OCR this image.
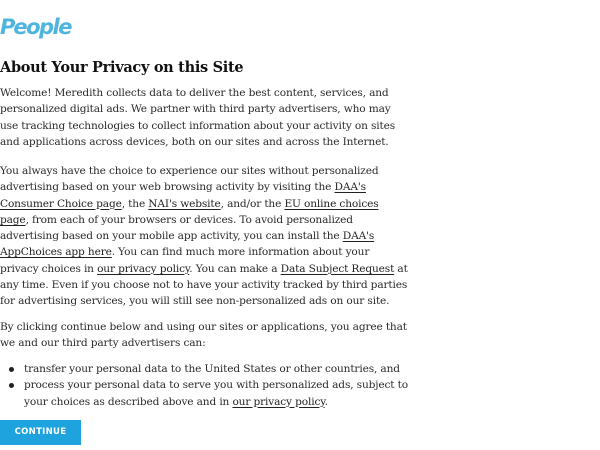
People
About Your Privacy on this Site

Welcome! Meredith collects data to deliver the best content, services, and personalized digital ads. We partner with third party advertisers, who may use tracking technologies to collect information about your activity on sites and applications across devices, both on our sites and across the Internet.

You always have the choice to experience our sites without personalized advertising based on your web browsing activity by visiting the DAA's Consumer Choice page, the NAI's website, and/or the EU online choices page, from each of your browsers or devices. To avoid personalized advertising based on your mobile app activity, you can install the DAA's AppChoices app here. You can find much more information about your privacy choices in our privacy policy. You can make a Data Subject Request at any time. Even if you choose not to have your activity tracked by third parties for advertising services, you will still see non-personalized ads on our site.

By clicking continue below and using our sites or applications, you agree that we and our third party advertisers can:

transfer your personal data to the United States or other countries, and
process your personal data to serve you with personalized ads, subject to your choices as described above and in our privacy policy.
CONTINUE
